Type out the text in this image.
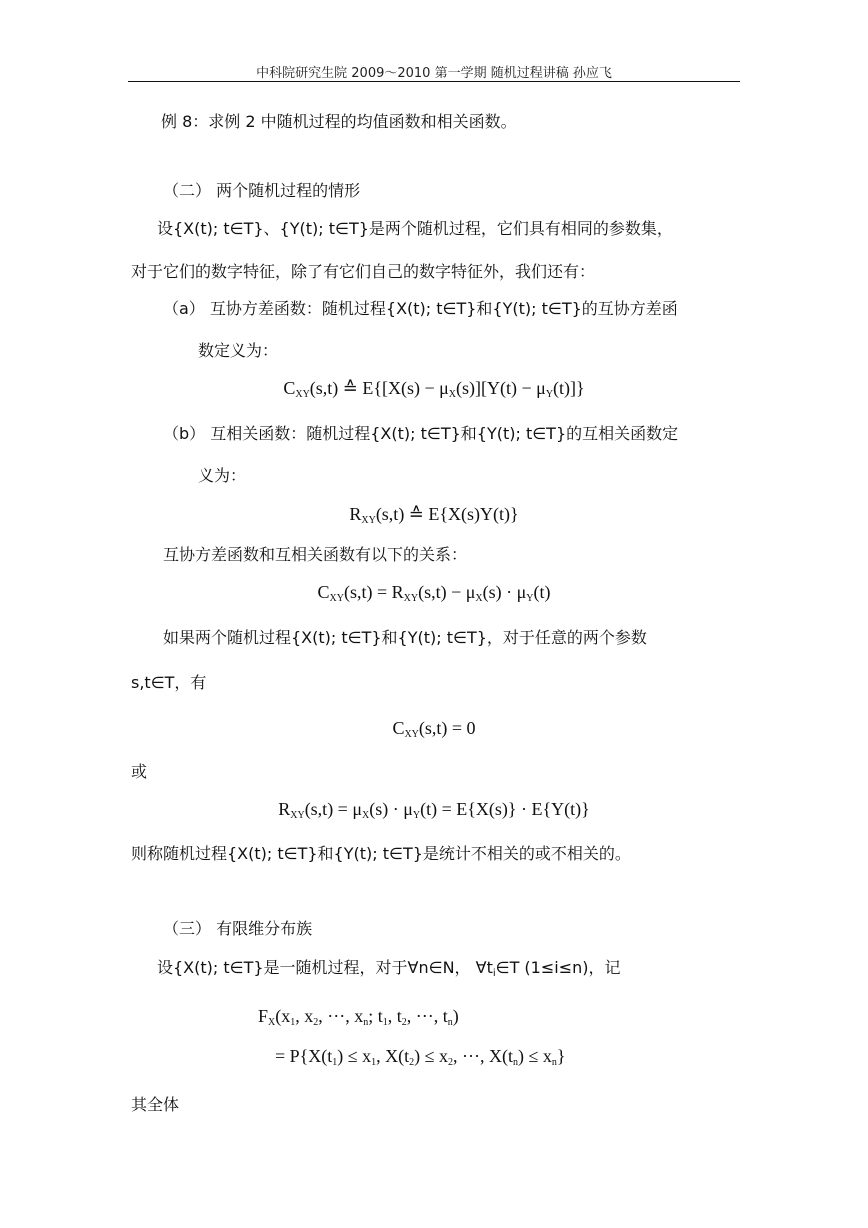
中科院研究生院 2009～2010 第一学期 随机过程讲稿 孙应飞
例 8：求例 2 中随机过程的均值函数和相关函数。
（二） 两个随机过程的情形
设{X(t); t∈T}、{Y(t); t∈T}是两个随机过程，它们具有相同的参数集，
对于它们的数字特征，除了有它们自己的数字特征外，我们还有：
（a） 互协方差函数：随机过程{X(t); t∈T}和{Y(t); t∈T}的互协方差函
数定义为：
$C_{XY}(s,t)$ ≙ $E\{[X(s) - \mu_X(s)][Y(t) - \mu_Y(t)]\}$
（b） 互相关函数：随机过程{X(t); t∈T}和{Y(t); t∈T}的互相关函数定
义为：
$R_{XY}(s,t)$ ≙ E{X(s)Y(t)}
互协方差函数和互相关函数有以下的关系：
$C_{XY}(s,t) = R_{XY}(s,t) - \mu_X(s) \cdot \mu_Y(t)$
如果两个随机过程{X(t); t∈T}和{Y(t); t∈T}，对于任意的两个参数
s,t∈T，有
$C_{XY}(s,t) = 0$
或
$R_{XY}(s,t) = \mu_X(s) \cdot \mu_Y(t) = E\{X(s)\} \cdot E\{Y(t)\}$
则称随机过程{X(t); t∈T}和{Y(t); t∈T}是统计不相关的或不相关的。
（三） 有限维分布族
设{X(t); t∈T}是一随机过程，对于∀n∈N， $\forall t_i\in T$ (1≤i≤n)，记
$F_X(x_1$, $x_2$, ···, $x_n$; $t_1$, $t_2$, ···, $t_n$)
= $P\{X(t_1) \le x_1$, $X(t_2) \le x_2$, ···, $X(t_n) \le x_n$}
其全体
